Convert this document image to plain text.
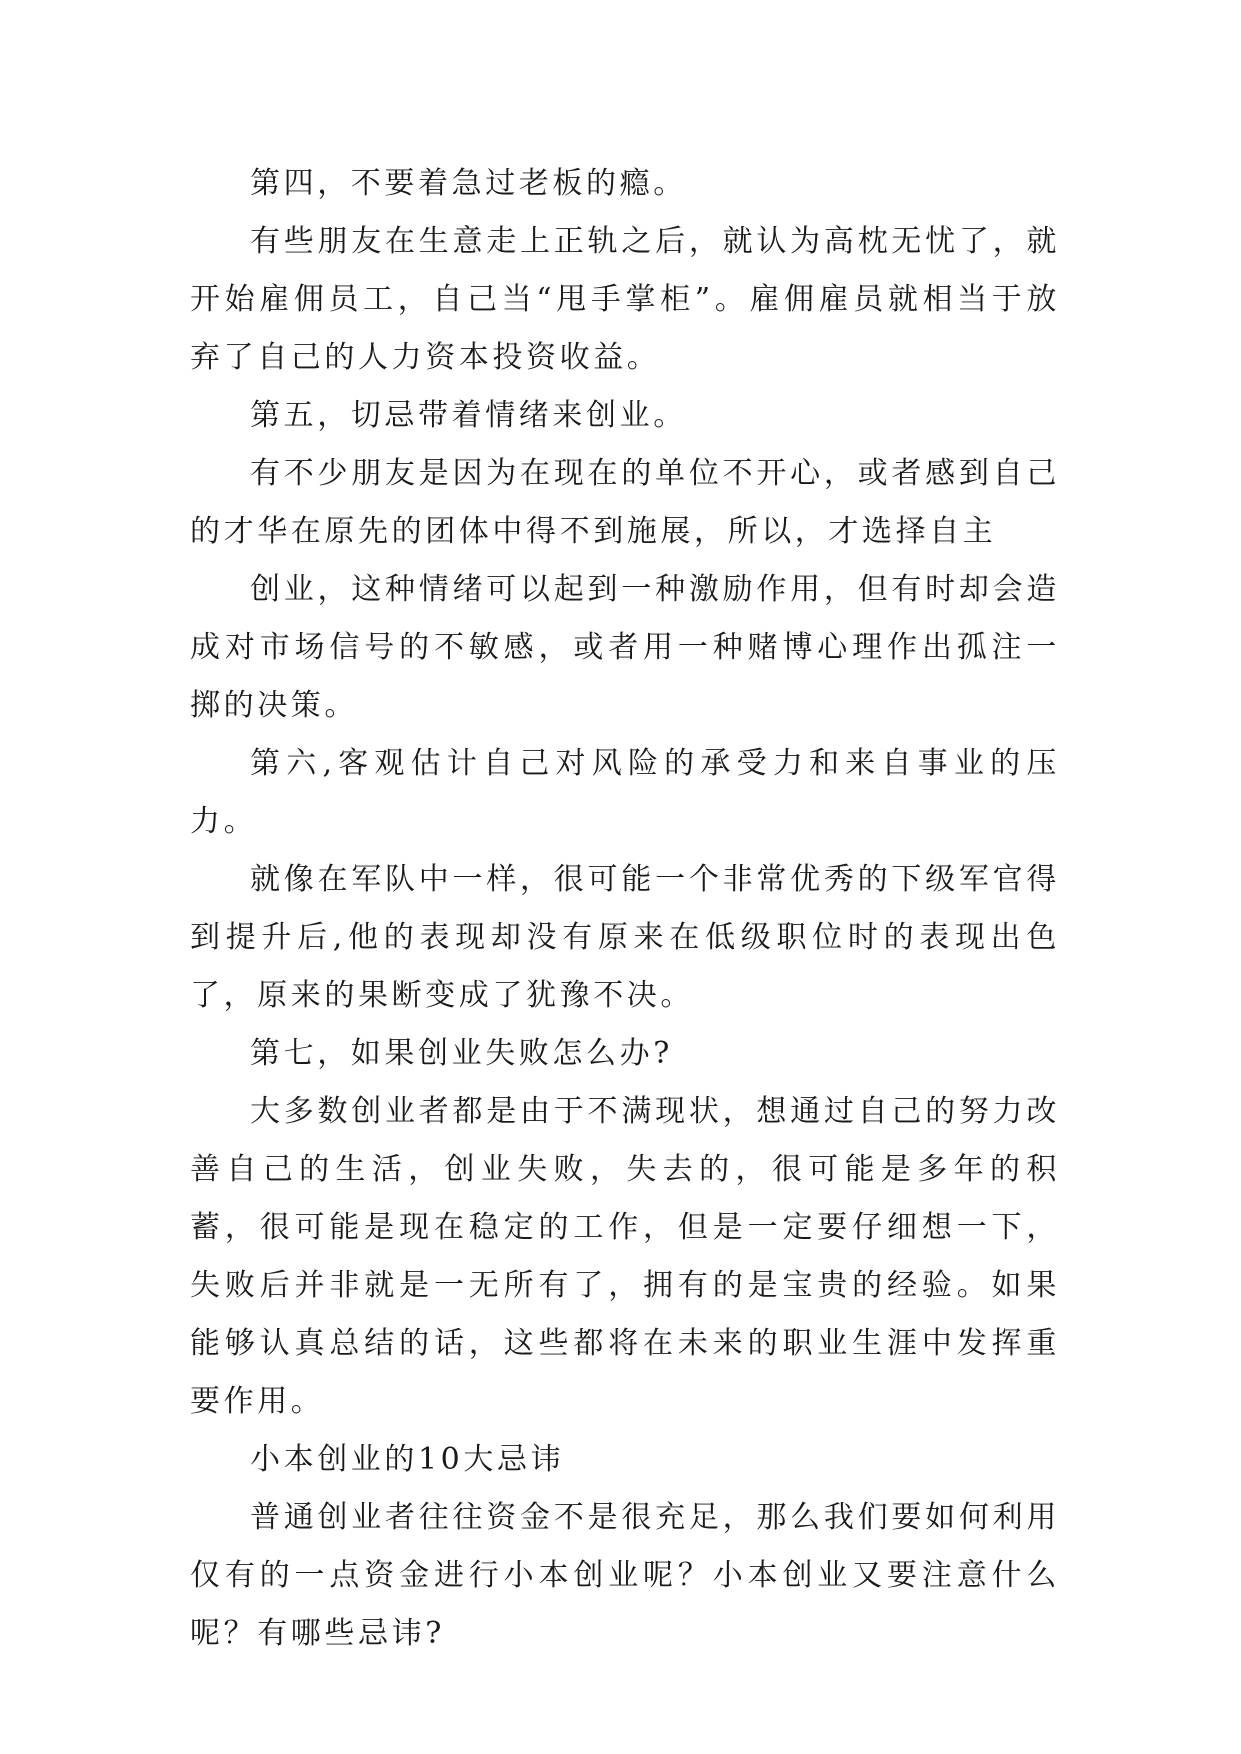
第四，不要着急过老板的瘾。

有些朋友在生意走上正轨之后，就认为高枕无忧了，就开始雇佣员工，自己当“甩手掌柜”。雇佣雇员就相当于放弃了自己的人力资本投资收益。

第五，切忌带着情绪来创业。

有不少朋友是因为在现在的单位不开心，或者感到自己的才华在原先的团体中得不到施展，所以，才选择自主

创业，这种情绪可以起到一种激励作用，但有时却会造成对市场信号的不敏感，或者用一种赌博心理作出孤注一掷的决策。

第六,客观估计自己对风险的承受力和来自事业的压力。

就像在军队中一样，很可能一个非常优秀的下级军官得到提升后,他的表现却没有原来在低级职位时的表现出色了，原来的果断变成了犹豫不决。

第七，如果创业失败怎么办?

大多数创业者都是由于不满现状，想通过自己的努力改善自己的生活，创业失败，失去的，很可能是多年的积蓄，很可能是现在稳定的工作，但是一定要仔细想一下，失败后并非就是一无所有了，拥有的是宝贵的经验。如果能够认真总结的话，这些都将在未来的职业生涯中发挥重要作用。

小本创业的10大忌讳

普通创业者往往资金不是很充足，那么我们要如何利用仅有的一点资金进行小本创业呢？小本创业又要注意什么呢？有哪些忌讳?
